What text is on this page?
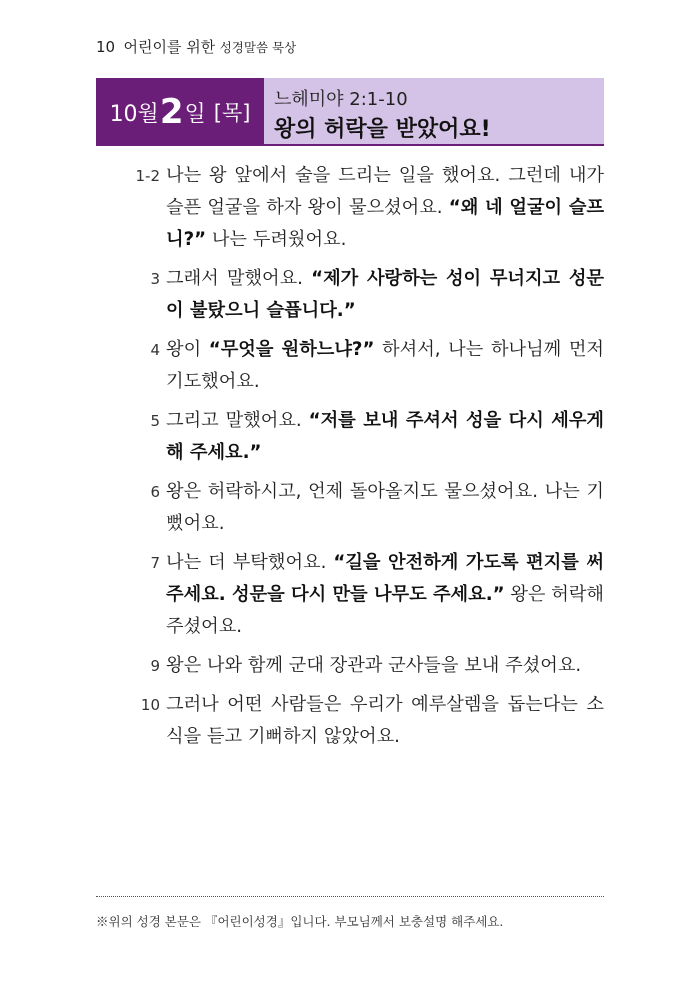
10 어린이를 위한 성경말씀 묵상
10월 2 일 [목]
느헤미야 2:1-10
왕의 허락을 받았어요!
1-2 나는 왕 앞에서 술을 드리는 일을 했어요. 그런데 내가 슬픈 얼굴을 하자 왕이 물으셨어요. “왜 네 얼굴이 슬프니?” 나는 두려웠어요.
3 그래서 말했어요. “제가 사랑하는 성이 무너지고 성문이 불탔으니 슬픕니다.”
4 왕이 “무엇을 원하느냐?” 하셔서, 나는 하나님께 먼저 기도했어요.
5 그리고 말했어요. “저를 보내 주셔서 성을 다시 세우게 해 주세요.”
6 왕은 허락하시고, 언제 돌아올지도 물으셨어요. 나는 기뻤어요.
7 나는 더 부탁했어요. “길을 안전하게 가도록 편지를 써 주세요. 성문을 다시 만들 나무도 주세요.” 왕은 허락해 주셨어요.
9 왕은 나와 함께 군대 장관과 군사들을 보내 주셨어요.
10 그러나 어떤 사람들은 우리가 예루살렘을 돕는다는 소식을 듣고 기뻐하지 않았어요.
※위의 성경 본문은 『어린이성경』입니다. 부모님께서 보충설명 해주세요.
